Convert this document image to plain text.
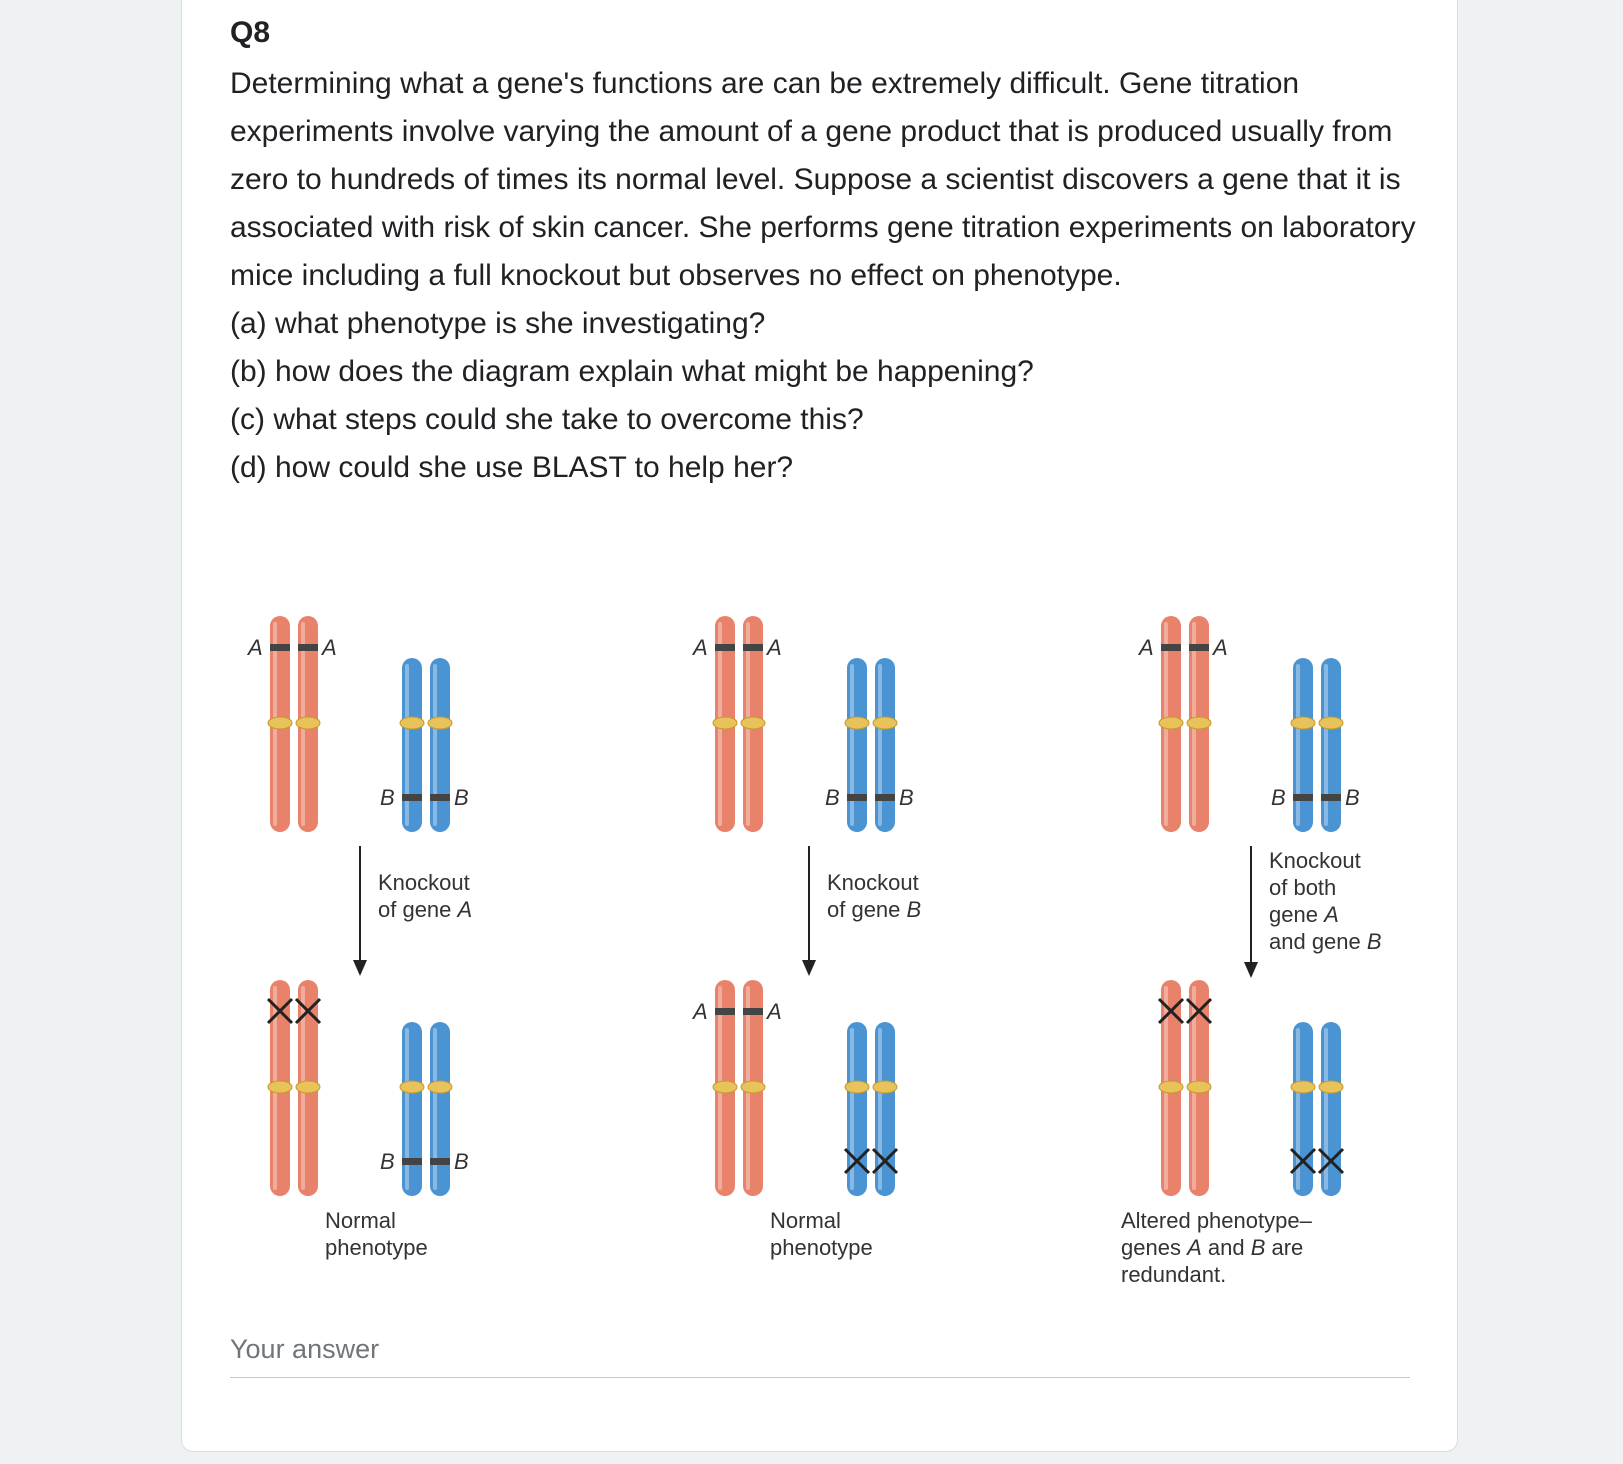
Q8

Determining what a gene's functions are can be extremely difficult. Gene titration experiments involve varying the amount of a gene product that is produced usually from zero to hundreds of times its normal level. Suppose a scientist discovers a gene that it is associated with risk of skin cancer. She performs gene titration experiments on laboratory mice including a full knockout but observes no effect on phenotype.

(a) what phenotype is she investigating?

(b) how does the diagram explain what might be happening?

(c) what steps could she take to overcome this?

(d) how could she use BLAST to help her?

A	A
B	B
Knockout
of gene A
B	B
Normal
phenotype
A	A
B	B
Knockout
of gene B
A	A
Normal
phenotype
A	A
B	B
Knockout
of both
gene A
and gene B
Altered phenotype–
genes A and B are
redundant.
Your answer
